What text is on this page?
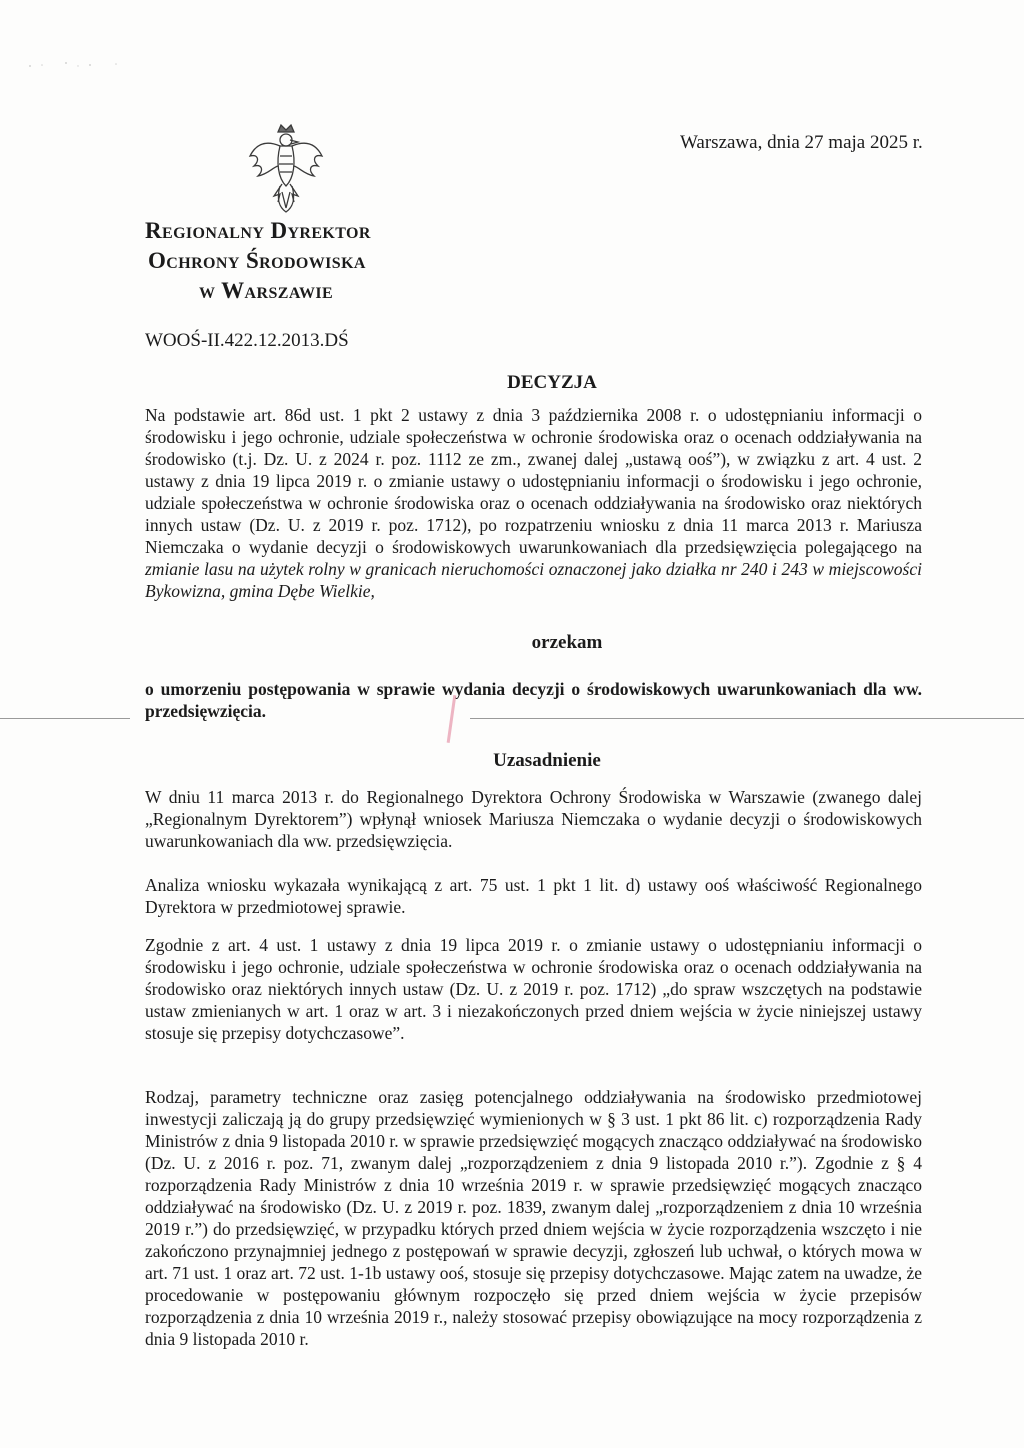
Warszawa, dnia 27 maja 2025 r.
Regionalny Dyrektor
Ochrony Środowiska
w Warszawie
WOOŚ-II.422.12.2013.DŚ
DECYZJA
Na podstawie art. 86d ust. 1 pkt 2 ustawy z dnia 3 października 2008 r. o udostępnianiu informacji o środowisku i jego ochronie, udziale społeczeństwa w ochronie środowiska oraz o ocenach oddziaływania na środowisko (t.j. Dz. U. z 2024 r. poz. 1112 ze zm., zwanej dalej „ustawą ooś”), w związku z art. 4 ust. 2 ustawy z dnia 19 lipca 2019 r. o zmianie ustawy o udostępnianiu informacji o środowisku i jego ochronie, udziale społeczeństwa w ochronie środowiska oraz o ocenach oddziaływania na środowisko oraz niektórych innych ustaw (Dz. U. z 2019 r. poz. 1712), po rozpatrzeniu wniosku z dnia 11 marca 2013 r. Mariusza Niemczaka o wydanie decyzji o środowiskowych uwarunkowaniach dla przedsięwzięcia polegającego na zmianie lasu na użytek rolny w granicach nieruchomości oznaczonej jako działka nr 240 i 243 w miejscowości Bykowizna, gmina Dębe Wielkie,
orzekam
o umorzeniu postępowania w sprawie wydania decyzji o środowiskowych uwarunkowaniach dla ww. przedsięwzięcia.
Uzasadnienie
W dniu 11 marca 2013 r. do Regionalnego Dyrektora Ochrony Środowiska w Warszawie (zwanego dalej „Regionalnym Dyrektorem”) wpłynął wniosek Mariusza Niemczaka o wydanie decyzji o środowiskowych uwarunkowaniach dla ww. przedsięwzięcia.
Analiza wniosku wykazała wynikającą z art. 75 ust. 1 pkt 1 lit. d) ustawy ooś właściwość Regionalnego Dyrektora w przedmiotowej sprawie.
Zgodnie z art. 4 ust. 1 ustawy z dnia 19 lipca 2019 r. o zmianie ustawy o udostępnianiu informacji o środowisku i jego ochronie, udziale społeczeństwa w ochronie środowiska oraz o ocenach oddziaływania na środowisko oraz niektórych innych ustaw (Dz. U. z 2019 r. poz. 1712) „do spraw wszczętych na podstawie ustaw zmienianych w art. 1 oraz w art. 3 i niezakończonych przed dniem wejścia w życie niniejszej ustawy stosuje się przepisy dotychczasowe”.
Rodzaj, parametry techniczne oraz zasięg potencjalnego oddziaływania na środowisko przedmiotowej inwestycji zaliczają ją do grupy przedsięwzięć wymienionych w § 3 ust. 1 pkt 86 lit. c) rozporządzenia Rady Ministrów z dnia 9 listopada 2010 r. w sprawie przedsięwzięć mogących znacząco oddziaływać na środowisko (Dz. U. z 2016 r. poz. 71, zwanym dalej „rozporządzeniem z dnia 9 listopada 2010 r.”). Zgodnie z § 4 rozporządzenia Rady Ministrów z dnia 10 września 2019 r. w sprawie przedsięwzięć mogących znacząco oddziaływać na środowisko (Dz. U. z 2019 r. poz. 1839, zwanym dalej „rozporządzeniem z dnia 10 września 2019 r.”) do przedsięwzięć, w przypadku których przed dniem wejścia w życie rozporządzenia wszczęto i nie zakończono przynajmniej jednego z postępowań w sprawie decyzji, zgłoszeń lub uchwał, o których mowa w art. 71 ust. 1 oraz art. 72 ust. 1-1b ustawy ooś, stosuje się przepisy dotychczasowe. Mając zatem na uwadze, że procedowanie w postępowaniu głównym rozpoczęło się przed dniem wejścia w życie przepisów rozporządzenia z dnia 10 września 2019 r., należy stosować przepisy obowiązujące na mocy rozporządzenia z dnia 9 listopada 2010 r.
